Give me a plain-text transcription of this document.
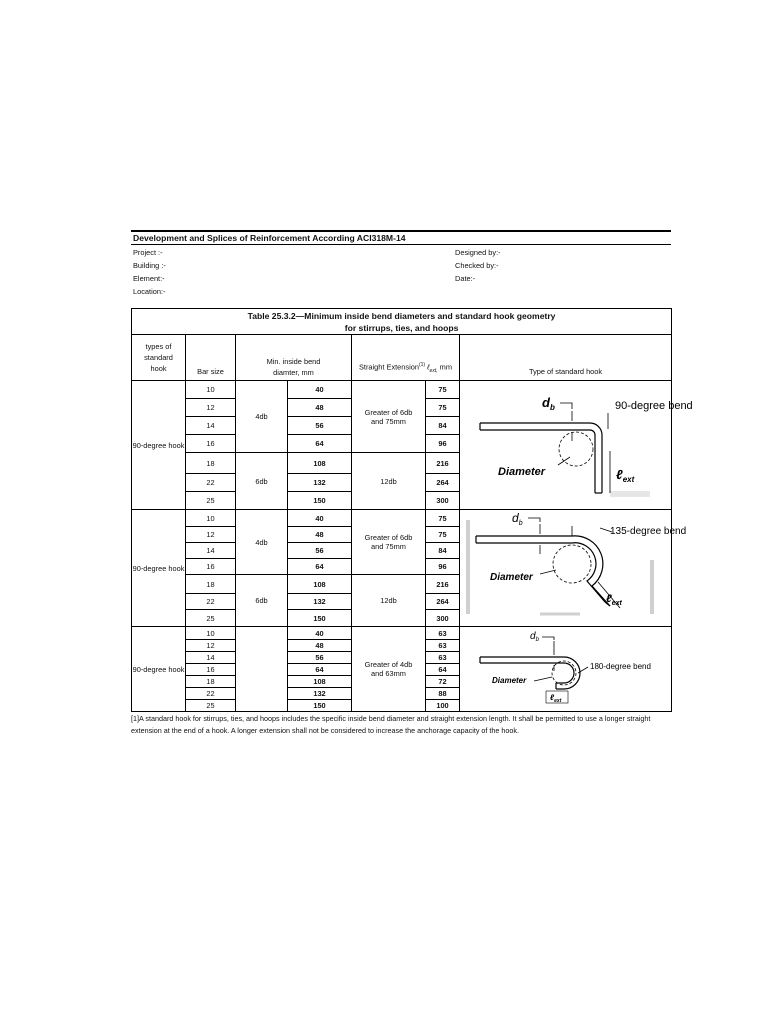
Development and Splices of Reinforcement According ACI318M-14
Project :-
Building :-
Element:-
Location:-
Designed by:-
Checked by:-
Date:-
Table 25.3.2—Minimum inside bend diameters and standard hook geometry
for stirrups, ties, and hoops						

types of standard hook	Bar size	Min. inside bend diamter, mm		Straight Extension$^{(1)}$ ℓ$_{ext,}$ mm		Type of standard hook
90-degree hook	10	4db	40	Greater of 6db and 75mm	75	$d_b$ 90-degree bend
Diameter ℓ$_{ext}$

	12		48		75	
	14		56		84	
	16		64		96	
	18	6db	108	12db	216	
	22		132		264	
	25		150		300	
90-degree hook	10	4db	40	Greater of 6db and 75mm	75	$d_b$
135-degree bend
Diameter
ℓ$_{ext}$

	12		48		75	
	14		56		84	
	16		64		96	
	18	6db	108	12db	216	
	22		132		264	
	25		150		300	
90-degree hook	10		40	Greater of 4db and 63mm	63	$d_b$
180-degree bend
Diameter
ℓ$_{ext}$

	12		48		63	
	14		56		63	
	16		64		64	
	18		108		72	
	22		132		88	
	25		150		100	
[1]A standard hook for stirrups, ties, and hoops includes the specific inside bend diameter and straight extension length. It shall be permitted to use a longer straight extension at the end of a hook. A longer extension shall not be considered to increase the anchorage capacity of the hook.
